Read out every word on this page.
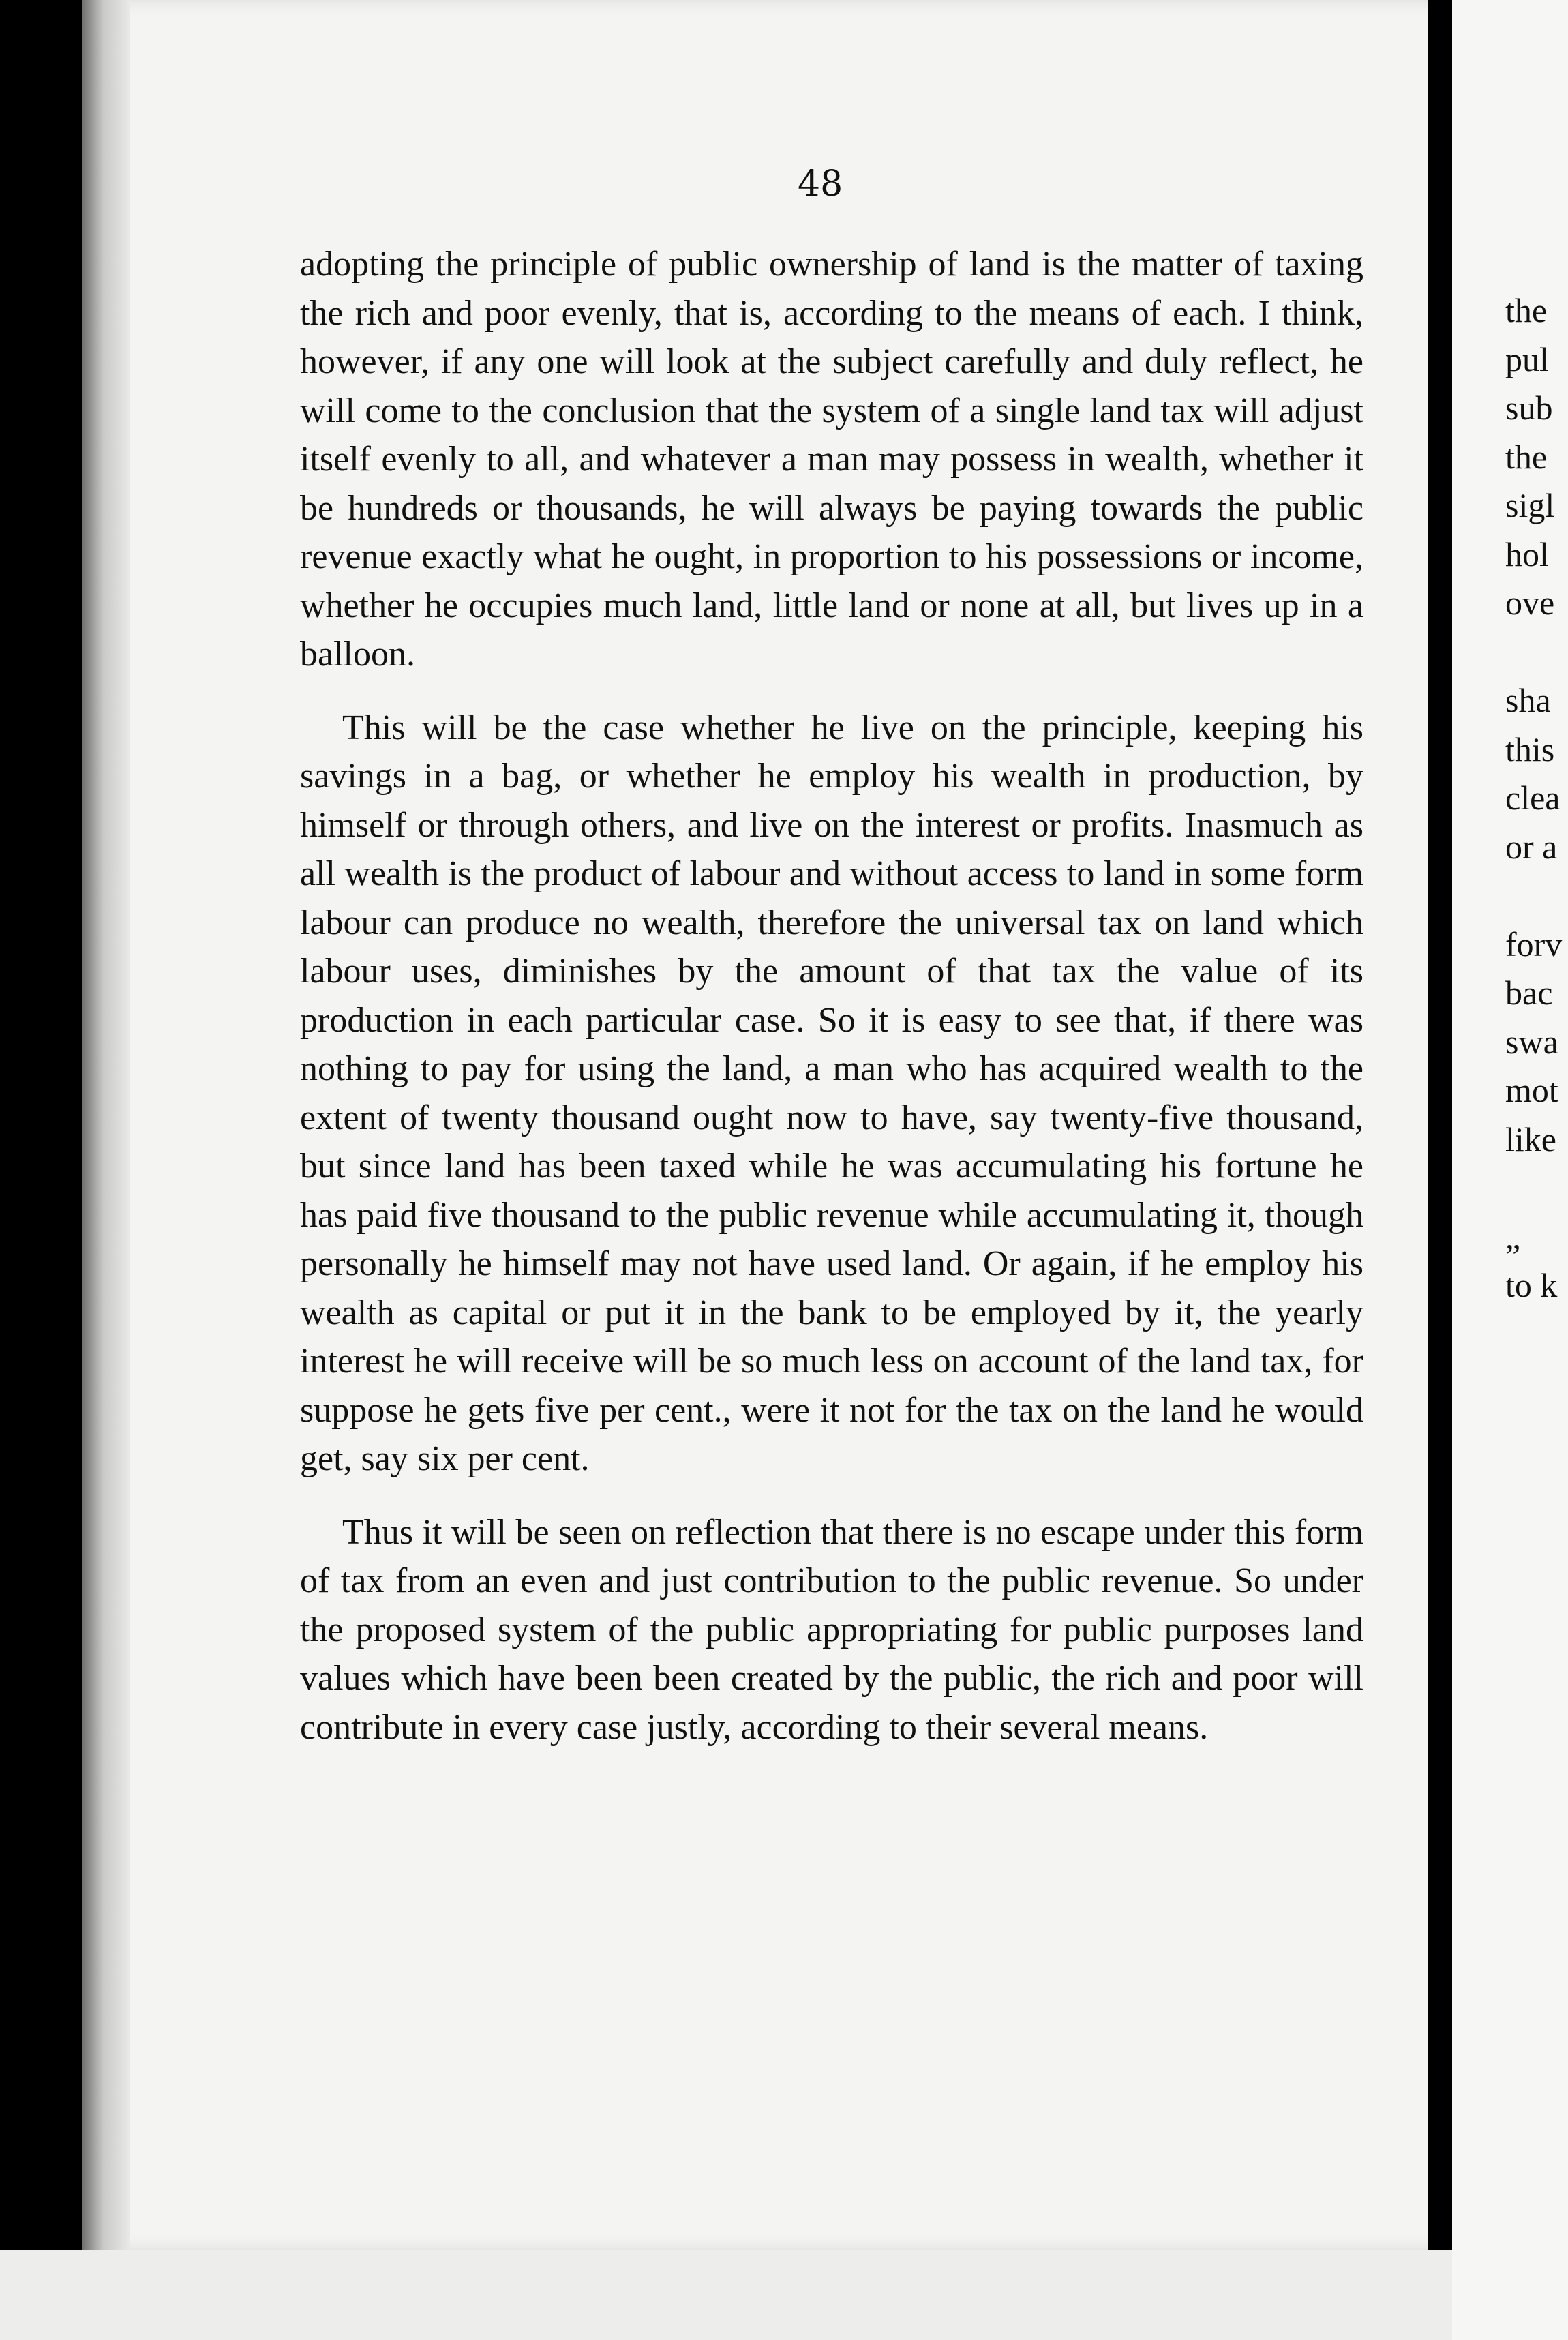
48

adopting the principle of public ownership of land is the matter of taxing the rich and poor evenly, that is, according to the means of each. I think, however, if any one will look at the subject carefully and duly reflect, he will come to the conclusion that the system of a single land tax will adjust itself evenly to all, and whatever a man may possess in wealth, whether it be hundreds or thousands, he will always be paying towards the public revenue exactly what he ought, in proportion to his possessions or income, whether he occupies much land, little land or none at all, but lives up in a balloon.

This will be the case whether he live on the principle, keeping his savings in a bag, or whether he employ his wealth in production, by himself or through others, and live on the interest or profits. Inasmuch as all wealth is the product of labour and without access to land in some form labour can produce no wealth, therefore the universal tax on land which labour uses, diminishes by the amount of that tax the value of its production in each particular case. So it is easy to see that, if there was nothing to pay for using the land, a man who has acquired wealth to the extent of twenty thousand ought now to have, say twenty-five thousand, but since land has been taxed while he was accumulating his fortune he has paid five thousand to the public revenue while accumulating it, though personally he himself may not have used land. Or again, if he employ his wealth as capital or put it in the bank to be employed by it, the yearly interest he will receive will be so much less on account of the land tax, for suppose he gets five per cent., were it not for the tax on the land he would get, say six per cent.

Thus it will be seen on reflection that there is no escape under this form of tax from an even and just contribution to the public revenue. So under the proposed system of the public appropriating for public purposes land values which have been been created by the public, the rich and poor will contribute in every case justly, according to their several means.

the
pul
sub
the
sigl
hol
ove
sha
this
clea
or a
forv
bac
swa
mot
like
„
to k
